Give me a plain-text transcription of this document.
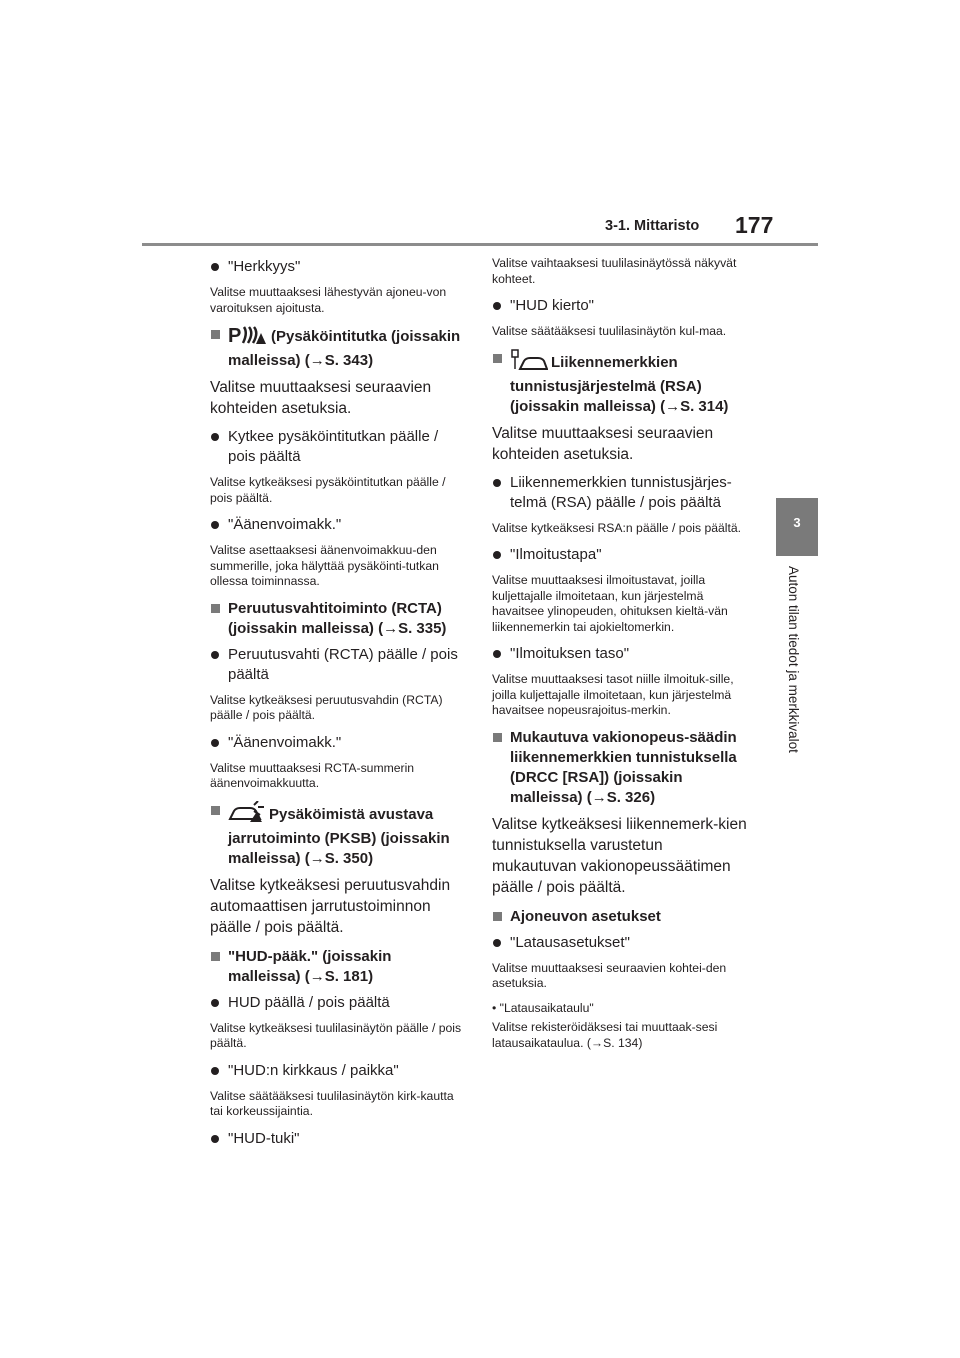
3-1. Mittaristo 177
3
Auton tilan tiedot ja merkkivalot
"Herkkyys"
Valitse muuttaaksesi lähestyvän ajoneu-von varoituksen ajoitusta.
P (Pysäköintitutka (joissakin malleissa) (→S. 343)
Valitse muuttaaksesi seuraavien kohteiden asetuksia.
Kytkee pysäköintitutkan päälle / pois päältä
Valitse kytkeäksesi pysäköintitutkan päälle / pois päältä.
"Äänenvoimakk."
Valitse asettaaksesi äänenvoimakkuu-den summerille, joka hälyttää pysäköinti-tutkan ollessa toiminnassa.
Peruutusvahtitoiminto (RCTA) (joissakin malleissa) (→S. 335)
Peruutusvahti (RCTA) päälle / pois päältä
Valitse kytkeäksesi peruutusvahdin (RCTA) päälle / pois päältä.
"Äänenvoimakk."
Valitse muuttaaksesi RCTA-summerin äänenvoimakkuutta.
Pysäköimistä avustava jarrutoiminto (PKSB) (joissakin malleissa) (→S. 350)
Valitse kytkeäksesi peruutusvahdin automaattisen jarrutustoiminnon päälle / pois päältä.
"HUD-pääk." (joissakin malleissa) (→S. 181)
HUD päällä / pois päältä
Valitse kytkeäksesi tuulilasinäytön päälle / pois päältä.
"HUD:n kirkkaus / paikka"
Valitse säätääksesi tuulilasinäytön kirk-kautta tai korkeussijaintia.
"HUD-tuki"
Valitse vaihtaaksesi tuulilasinäytössä näkyvät kohteet.
"HUD kierto"
Valitse säätääksesi tuulilasinäytön kul-maa.
Liikennemerkkien tunnistusjärjestelmä (RSA) (joissakin malleissa) (→S. 314)
Valitse muuttaaksesi seuraavien kohteiden asetuksia.
Liikennemerkkien tunnistusjärjes-telmä (RSA) päälle / pois päältä
Valitse kytkeäksesi RSA:n päälle / pois päältä.
"Ilmoitustapa"
Valitse muuttaaksesi ilmoitustavat, joilla kuljettajalle ilmoitetaan, kun järjestelmä havaitsee ylinopeuden, ohituksen kieltä-vän liikennemerkin tai ajokieltomerkin.
"Ilmoituksen taso"
Valitse muuttaaksesi tasot niille ilmoituk-sille, joilla kuljettajalle ilmoitetaan, kun järjestelmä havaitsee nopeusrajoitus-merkin.
Mukautuva vakionopeus-säädin liikennemerkkien tunnistuksella (DRCC [RSA]) (joissakin malleissa) (→S. 326)
Valitse kytkeäksesi liikennemerk-kien tunnistuksella varustetun mukautuvan vakionopeussäätimen päälle / pois päältä.
Ajoneuvon asetukset
"Latausasetukset"
Valitse muuttaaksesi seuraavien kohtei-den asetuksia.
• "Latausaikataulu"
Valitse rekisteröidäksesi tai muuttaak-sesi latausaikataulua. (→S. 134)
